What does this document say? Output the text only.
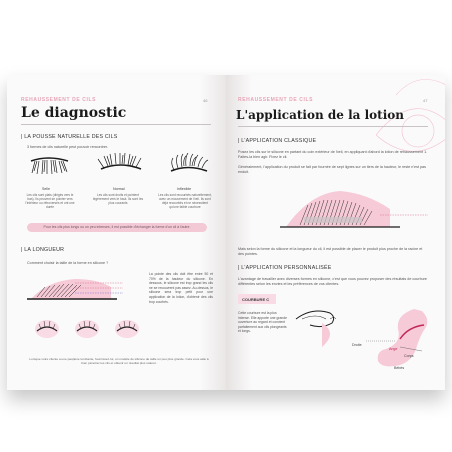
REHAUSSEMENT DE CILS	46
Le diagnostic
| LA POUSSE NATURELLE DES CILS
3 formes de cils naturelle peut pouvoir rencontrer.
Selle	Normal	Inflexible
Les cils sont plats (dirigés vers le bas). Ils peuvent se pointer vers l'intérieur ou rétroversés et ont une durée
Les cils sont droits et pointent légèrement vers le haut. Ils sont les plus courants
Les cils sont recourbés naturellement, avec un mouvement de l'œil. Ils sont déjà recourbés et ne nécessitent qu'une faible courbure
Pour les cils plus longs ou un peu intenses, il est possible d'échanger la forme d'un cil à l'autre.
| LA LONGUEUR
Comment choisir la taille de la forme en silicone ?
La pointe des cils doit être entre 50 et 70% de la hauteur du silicone. En dessous, le silicone est trop grand les cils ne se recouvrent pas assez. Au-dessus, le silicone sera trop petit pour une application de la lotion, d'obtenir des cils trop courbés.
Lorsque votre cliente a une paupière tombante, fournissez-lui, un modèle de silicone de taille un peu plus grande. Cela vous aide à bien pénétrer les cils et obtenir un résultat plus naturel.
REHAUSSEMENT DE CILS	47
L'application de la lotion
| L'APPLICATION CLASSIQUE
Posez les cils sur le silicone en partant du coin extérieur de l'œil, en appliquant d'abord la lotion de rehaussement 1. Faites-la bien agir. Fixez le cil.
Généralement, l'application du produit se fait par fournée de sept lignes sur un tiers de la hauteur, le reste n'est pas enduit.
Mais selon la forme du silicone et la longueur du cil, il est possible de placer le produit plus proche de la racine et des pointes.
| L'APPLICATION PERSONNALISÉE
L'avantage de travailler avec diverses formes en silicone, c'est que vous pouvez proposer des résultats de courbure différentes selon les envies et les préférences de vos clientes.
COURBURE C
Cette courbure est la plus intense. Elle apporte une grande ouverture au regard et convient parfaitement aux cils plongeants et longs.
Droite
Ange
Corps
Bébés
